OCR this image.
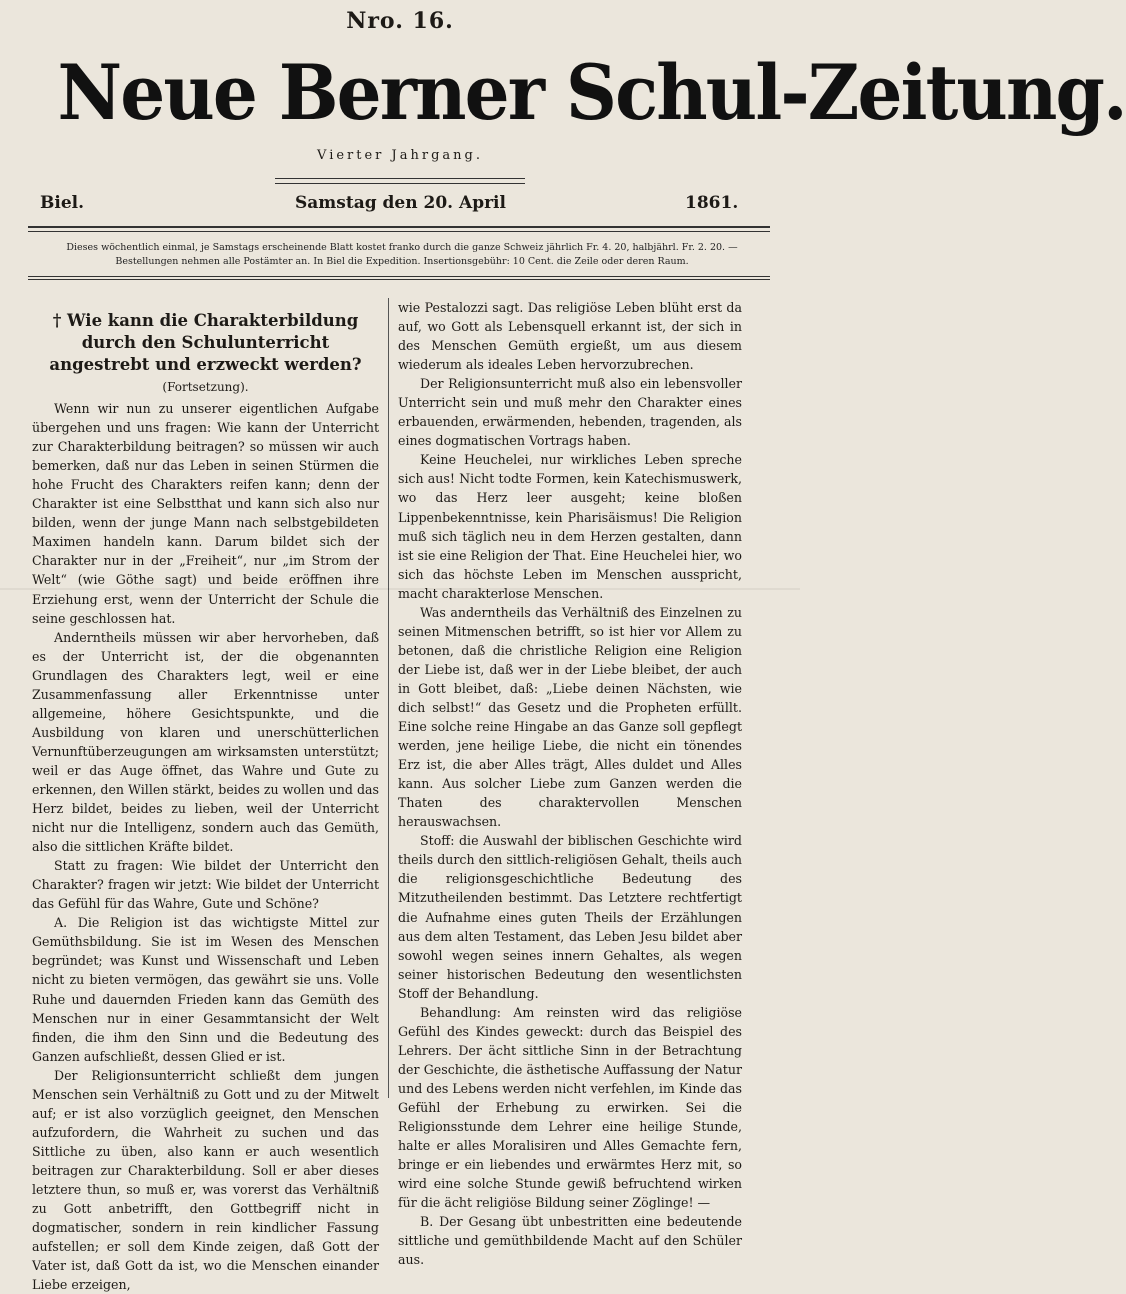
Nro. 16.
Neue Berner Schul-Zeitung.
Vierter Jahrgang.
Biel.	Samstag den 20. April	1861.
Dieses wöchentlich einmal, je Samstags erscheinende Blatt kostet franko durch die ganze Schweiz jährlich Fr. 4. 20, halbjährl. Fr. 2. 20. —
Bestellungen nehmen alle Postämter an. In Biel die Expedition. Insertionsgebühr: 10 Cent. die Zeile oder deren Raum.
† Wie kann die Charakterbildung durch den Schulunterricht angestrebt und erzweckt werden?
(Fortsetzung).

Wenn wir nun zu unserer eigentlichen Aufgabe übergehen und uns fragen: Wie kann der Unterricht zur Charakterbildung beitragen? so müssen wir auch bemerken, daß nur das Leben in seinen Stürmen die hohe Frucht des Charakters reifen kann; denn der Charakter ist eine Selbstthat und kann sich also nur bilden, wenn der junge Mann nach selbstgebildeten Maximen handeln kann. Darum bildet sich der Charakter nur in der „Freiheit“, nur „im Strom der Welt“ (wie Göthe sagt) und beide eröffnen ihre Erziehung erst, wenn der Unterricht der Schule die seine geschlossen hat.

Anderntheils müssen wir aber hervorheben, daß es der Unterricht ist, der die obgenannten Grundlagen des Charakters legt, weil er eine Zusammenfassung aller Erkenntnisse unter allgemeine, höhere Gesichtspunkte, und die Ausbildung von klaren und unerschütterlichen Vernunftüberzeugungen am wirksamsten unterstützt; weil er das Auge öffnet, das Wahre und Gute zu erkennen, den Willen stärkt, beides zu wollen und das Herz bildet, beides zu lieben, weil der Unterricht nicht nur die Intelligenz, sondern auch das Gemüth, also die sittlichen Kräfte bildet.

Statt zu fragen: Wie bildet der Unterricht den Charakter? fragen wir jetzt: Wie bildet der Unterricht das Gefühl für das Wahre, Gute und Schöne?

A. Die Religion ist das wichtigste Mittel zur Gemüthsbildung. Sie ist im Wesen des Menschen begründet; was Kunst und Wissenschaft und Leben nicht zu bieten vermögen, das gewährt sie uns. Volle Ruhe und dauernden Frieden kann das Gemüth des Menschen nur in einer Gesammtansicht der Welt finden, die ihm den Sinn und die Bedeutung des Ganzen aufschließt, dessen Glied er ist.

Der Religionsunterricht schließt dem jungen Menschen sein Verhältniß zu Gott und zu der Mitwelt auf; er ist also vorzüglich geeignet, den Menschen aufzufordern, die Wahrheit zu suchen und das Sittliche zu üben, also kann er auch wesentlich beitragen zur Charakterbildung. Soll er aber dieses letztere thun, so muß er, was vorerst das Verhältniß zu Gott anbetrifft, den Gottbegriff nicht in dogmatischer, sondern in rein kindlicher Fassung aufstellen; er soll dem Kinde zeigen, daß Gott der Vater ist, daß Gott da ist, wo die Menschen einander Liebe erzeigen,

wie Pestalozzi sagt. Das religiöse Leben blüht erst da auf, wo Gott als Lebensquell erkannt ist, der sich in des Menschen Gemüth ergießt, um aus diesem wiederum als ideales Leben hervorzubrechen.

Der Religionsunterricht muß also ein lebensvoller Unterricht sein und muß mehr den Charakter eines erbauenden, erwärmenden, hebenden, tragenden, als eines dogmatischen Vortrags haben.

Keine Heuchelei, nur wirkliches Leben spreche sich aus! Nicht todte Formen, kein Katechismuswerk, wo das Herz leer ausgeht; keine bloßen Lippenbekenntnisse, kein Pharisäismus! Die Religion muß sich täglich neu in dem Herzen gestalten, dann ist sie eine Religion der That. Eine Heuchelei hier, wo sich das höchste Leben im Menschen ausspricht, macht charakterlose Menschen.

Was anderntheils das Verhältniß des Einzelnen zu seinen Mitmenschen betrifft, so ist hier vor Allem zu betonen, daß die christliche Religion eine Religion der Liebe ist, daß wer in der Liebe bleibet, der auch in Gott bleibet, daß: „Liebe deinen Nächsten, wie dich selbst!“ das Gesetz und die Propheten erfüllt. Eine solche reine Hingabe an das Ganze soll gepflegt werden, jene heilige Liebe, die nicht ein tönendes Erz ist, die aber Alles trägt, Alles duldet und Alles kann. Aus solcher Liebe zum Ganzen werden die Thaten des charaktervollen Menschen herauswachsen.

Stoff: die Auswahl der biblischen Geschichte wird theils durch den sittlich-religiösen Gehalt, theils auch die religionsgeschichtliche Bedeutung des Mitzutheilenden bestimmt. Das Letztere rechtfertigt die Aufnahme eines guten Theils der Erzählungen aus dem alten Testament, das Leben Jesu bildet aber sowohl wegen seines innern Gehaltes, als wegen seiner historischen Bedeutung den wesentlichsten Stoff der Behandlung.

Behandlung: Am reinsten wird das religiöse Gefühl des Kindes geweckt: durch das Beispiel des Lehrers. Der ächt sittliche Sinn in der Betrachtung der Geschichte, die ästhetische Auffassung der Natur und des Lebens werden nicht verfehlen, im Kinde das Gefühl der Erhebung zu erwirken. Sei die Religionsstunde dem Lehrer eine heilige Stunde, halte er alles Moralisiren und Alles Gemachte fern, bringe er ein liebendes und erwärmtes Herz mit, so wird eine solche Stunde gewiß befruchtend wirken für die ächt religiöse Bildung seiner Zöglinge! —

B. Der Gesang übt unbestritten eine bedeutende sittliche und gemüthbildende Macht auf den Schüler aus.
